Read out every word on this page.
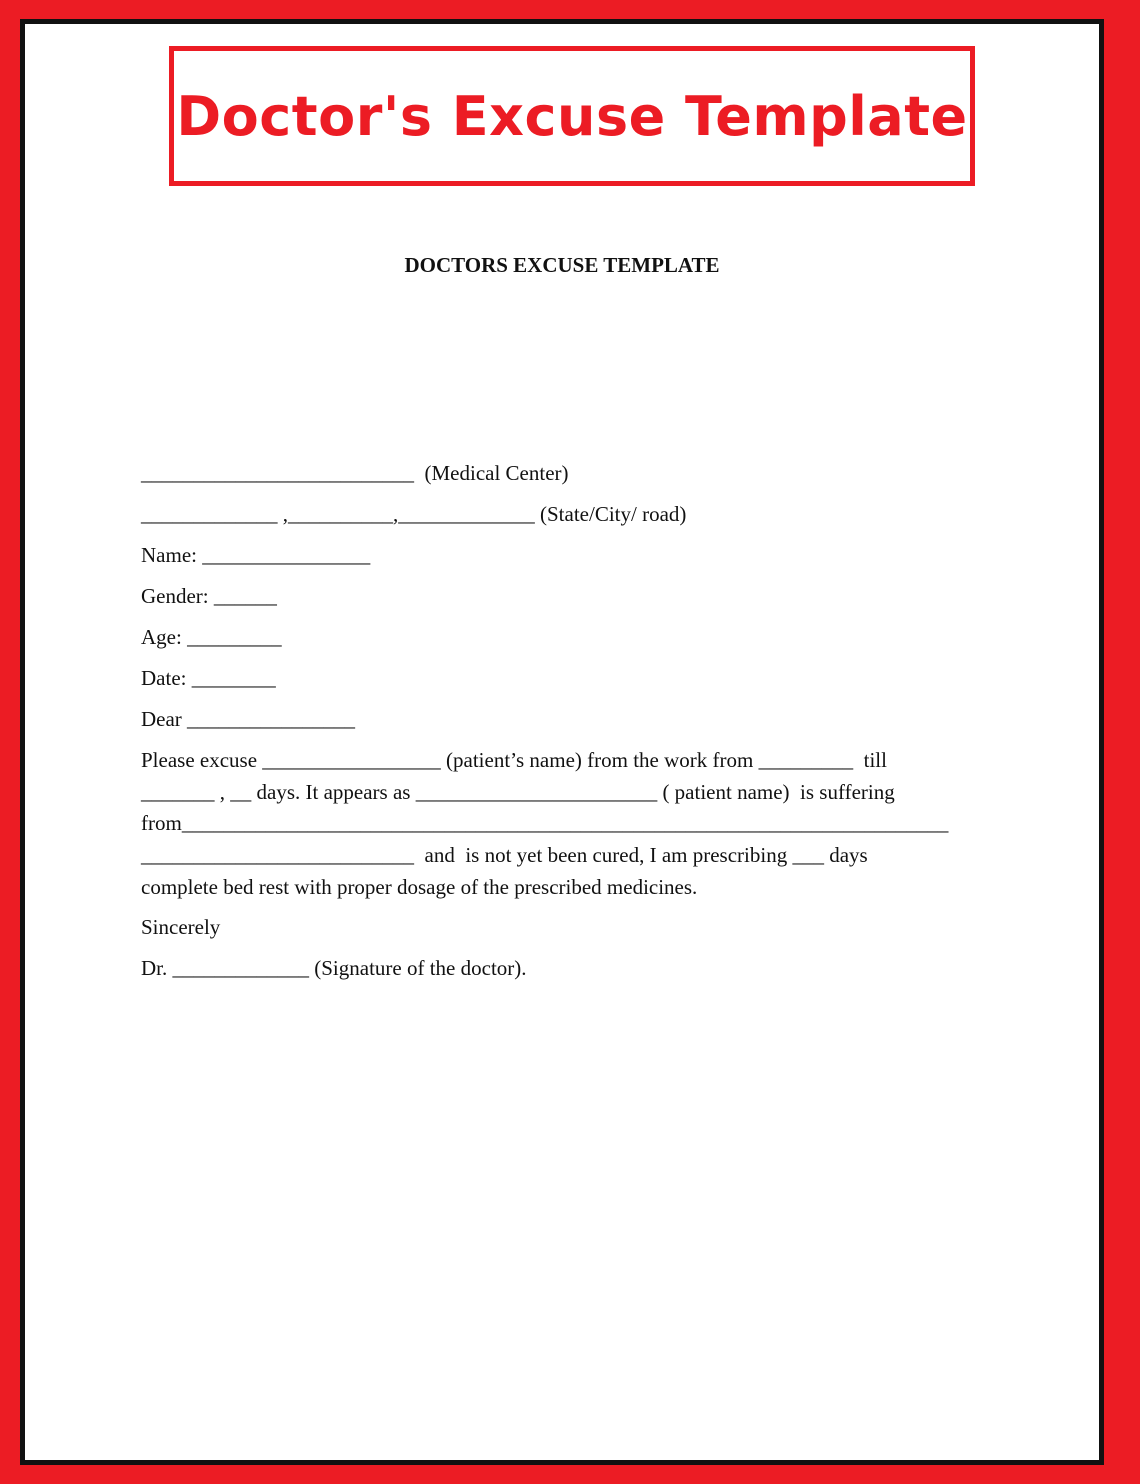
Doctor's Excuse Template
DOCTORS EXCUSE TEMPLATE
__________________________  (Medical Center)
_____________ ,__________,_____________ (State/City/ road)
Name: ________________
Gender: ______
Age: _________
Date: ________
Dear ________________
Please excuse _________________ (patient’s name) from the work from _________  till
_______ , __ days. It appears as _______________________ ( patient name)  is suffering
from_________________________________________________________________________
__________________________  and  is not yet been cured, I am prescribing ___ days
complete bed rest with proper dosage of the prescribed medicines.
Sincerely
Dr. _____________ (Signature of the doctor).
